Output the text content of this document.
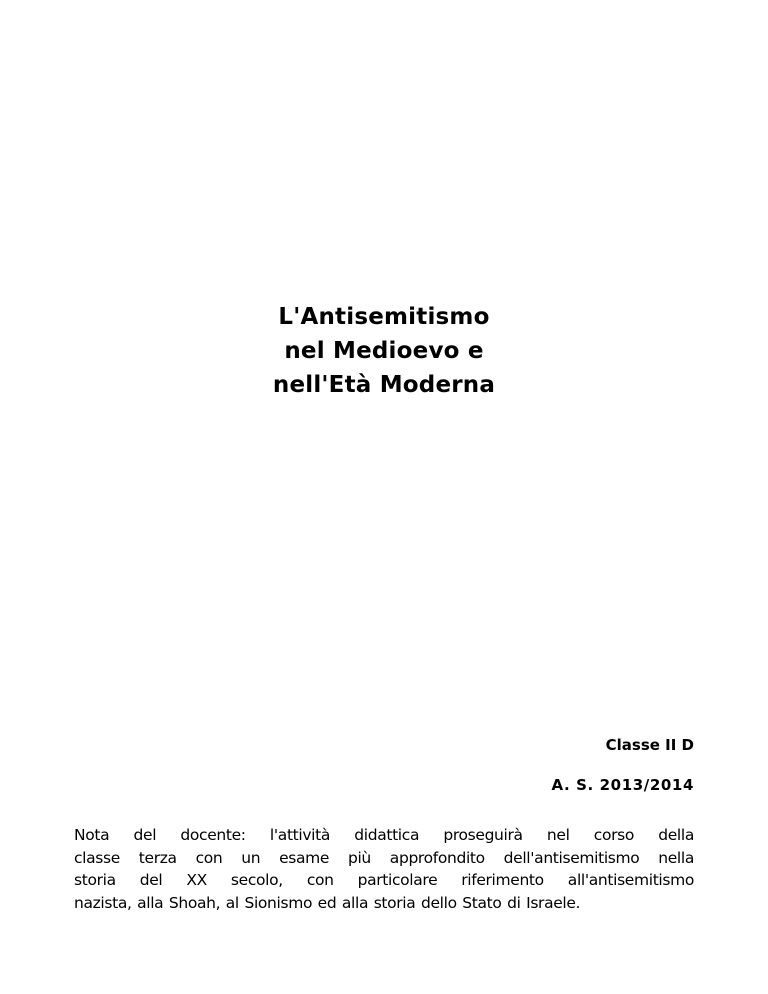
L'Antisemitismo
nel Medioevo e
nell'Età Moderna
Classe II D
A. S. 2013/2014
Nota del docente: l'attività didattica proseguirà nel corso della
classe terza con un esame più approfondito dell'antisemitismo nella
storia del XX secolo, con particolare riferimento all'antisemitismo
nazista, alla Shoah, al Sionismo ed alla storia dello Stato di Israele.
